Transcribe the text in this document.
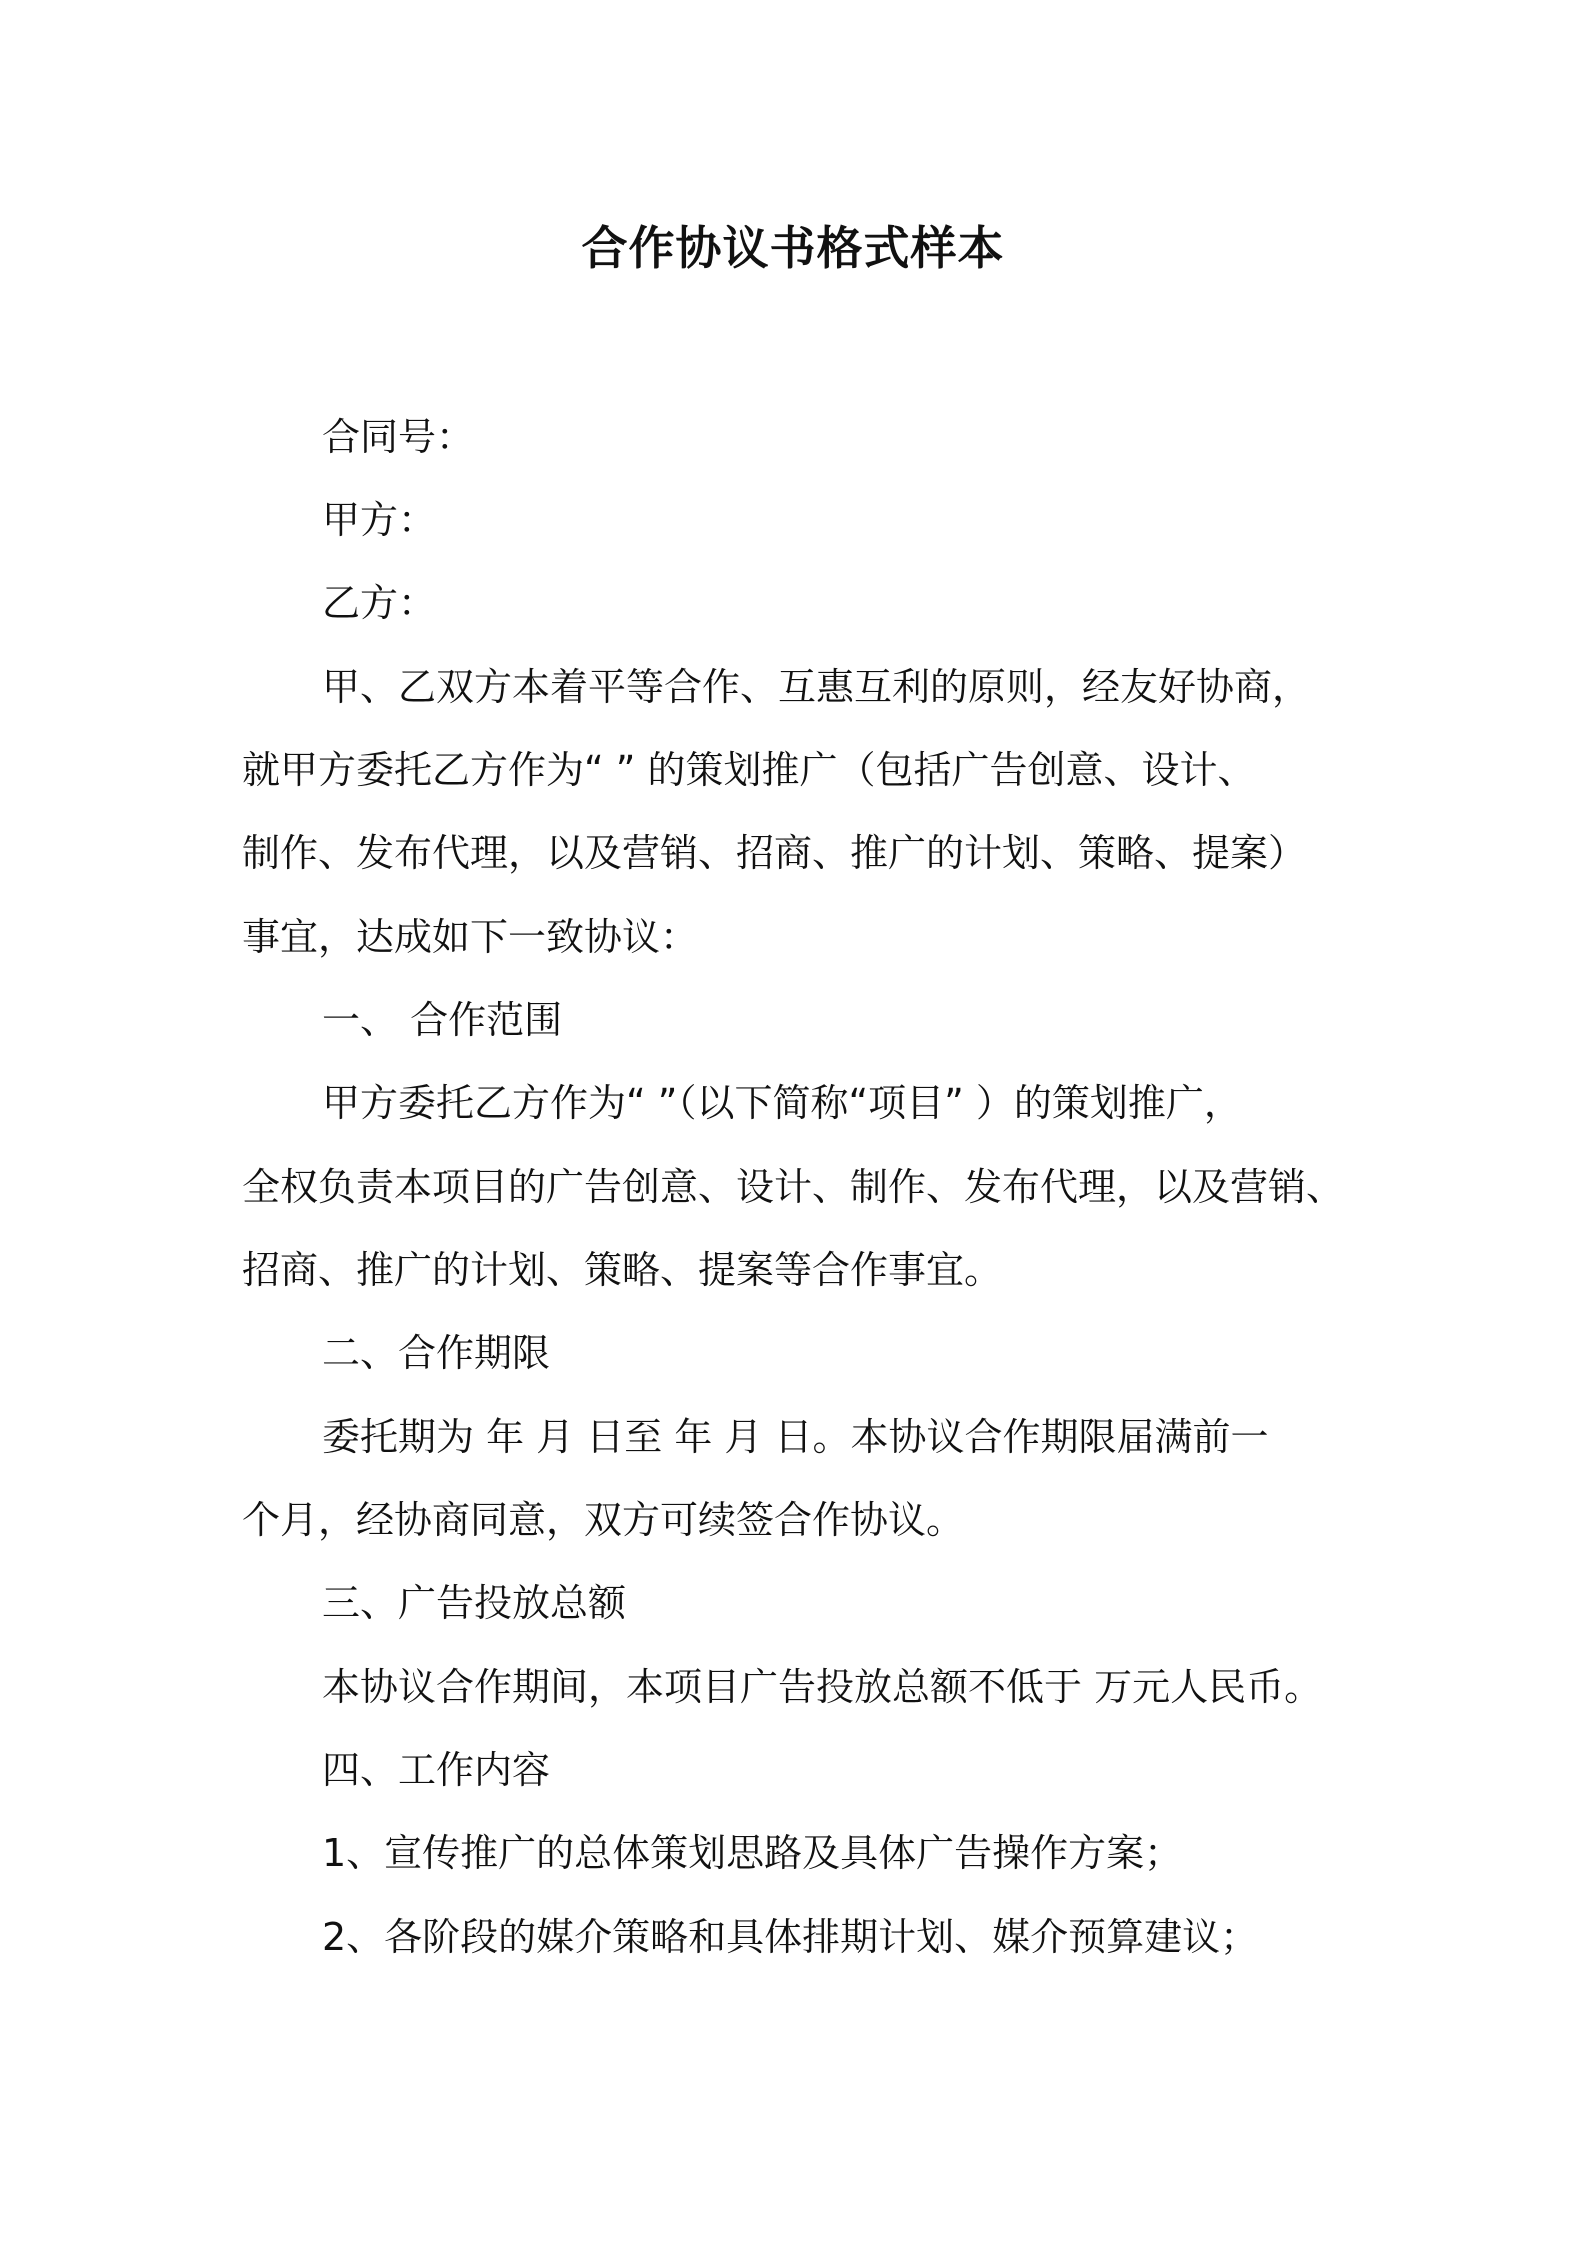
合作协议书格式样本
合同号：
甲方：
乙方：
甲、乙双方本着平等合作、互惠互利的原则，经友好协商，
就甲方委托乙方作为“ ” 的策划推广（包括广告创意、设计、
制作、发布代理，以及营销、招商、推广的计划、策略、提案）
事宜，达成如下一致协议：
一、 合作范围
甲方委托乙方作为“ ”（以下简称“项目” ）的策划推广，
全权负责本项目的广告创意、设计、制作、发布代理，以及营销、
招商、推广的计划、策略、提案等合作事宜。
二、合作期限
委托期为 年 月 日至 年 月 日。本协议合作期限届满前一
个月，经协商同意，双方可续签合作协议。
三、广告投放总额
本协议合作期间，本项目广告投放总额不低于 万元人民币。
四、工作内容
1、宣传推广的总体策划思路及具体广告操作方案；
2、各阶段的媒介策略和具体排期计划、媒介预算建议；
